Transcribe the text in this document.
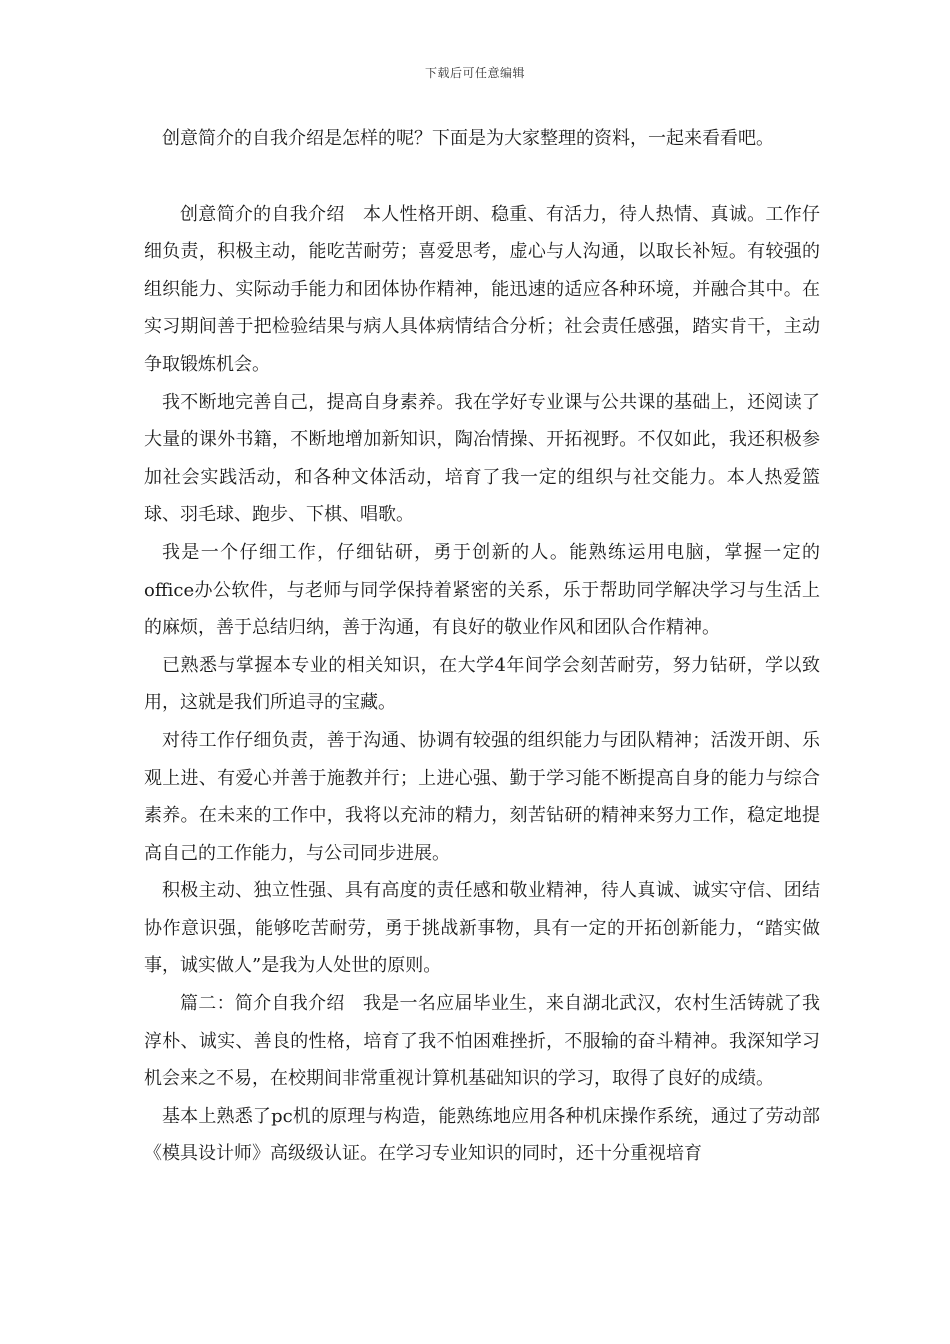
下载后可任意编辑

创意简介的自我介绍是怎样的呢？下面是为大家整理的资料，一起来看看吧。

创意简介的自我介绍　本人性格开朗、稳重、有活力，待人热情、真诚。工作仔细负责，积极主动，能吃苦耐劳；喜爱思考，虚心与人沟通，以取长补短。有较强的组织能力、实际动手能力和团体协作精神，能迅速的适应各种环境，并融合其中。在实习期间善于把检验结果与病人具体病情结合分析；社会责任感强，踏实肯干，主动争取锻炼机会。

我不断地完善自己，提高自身素养。我在学好专业课与公共课的基础上，还阅读了大量的课外书籍，不断地增加新知识，陶冶情操、开拓视野。不仅如此，我还积极参加社会实践活动，和各种文体活动，培育了我一定的组织与社交能力。本人热爱篮球、羽毛球、跑步、下棋、唱歌。

我是一个仔细工作，仔细钻研，勇于创新的人。能熟练运用电脑，掌握一定的office办公软件，与老师与同学保持着紧密的关系，乐于帮助同学解决学习与生活上的麻烦，善于总结归纳，善于沟通，有良好的敬业作风和团队合作精神。

已熟悉与掌握本专业的相关知识，在大学4年间学会刻苦耐劳，努力钻研，学以致用，这就是我们所追寻的宝藏。

对待工作仔细负责，善于沟通、协调有较强的组织能力与团队精神；活泼开朗、乐观上进、有爱心并善于施教并行；上进心强、勤于学习能不断提高自身的能力与综合素养。在未来的工作中，我将以充沛的精力，刻苦钻研的精神来努力工作，稳定地提高自己的工作能力，与公司同步进展。

积极主动、独立性强、具有高度的责任感和敬业精神，待人真诚、诚实守信、团结协作意识强，能够吃苦耐劳，勇于挑战新事物，具有一定的开拓创新能力，“踏实做事，诚实做人”是我为人处世的原则。

篇二：简介自我介绍　我是一名应届毕业生，来自湖北武汉，农村生活铸就了我淳朴、诚实、善良的性格，培育了我不怕困难挫折，不服输的奋斗精神。我深知学习机会来之不易，在校期间非常重视计算机基础知识的学习，取得了良好的成绩。

基本上熟悉了pc机的原理与构造，能熟练地应用各种机床操作系统，通过了劳动部《模具设计师》高级级认证。在学习专业知识的同时，还十分重视培育
